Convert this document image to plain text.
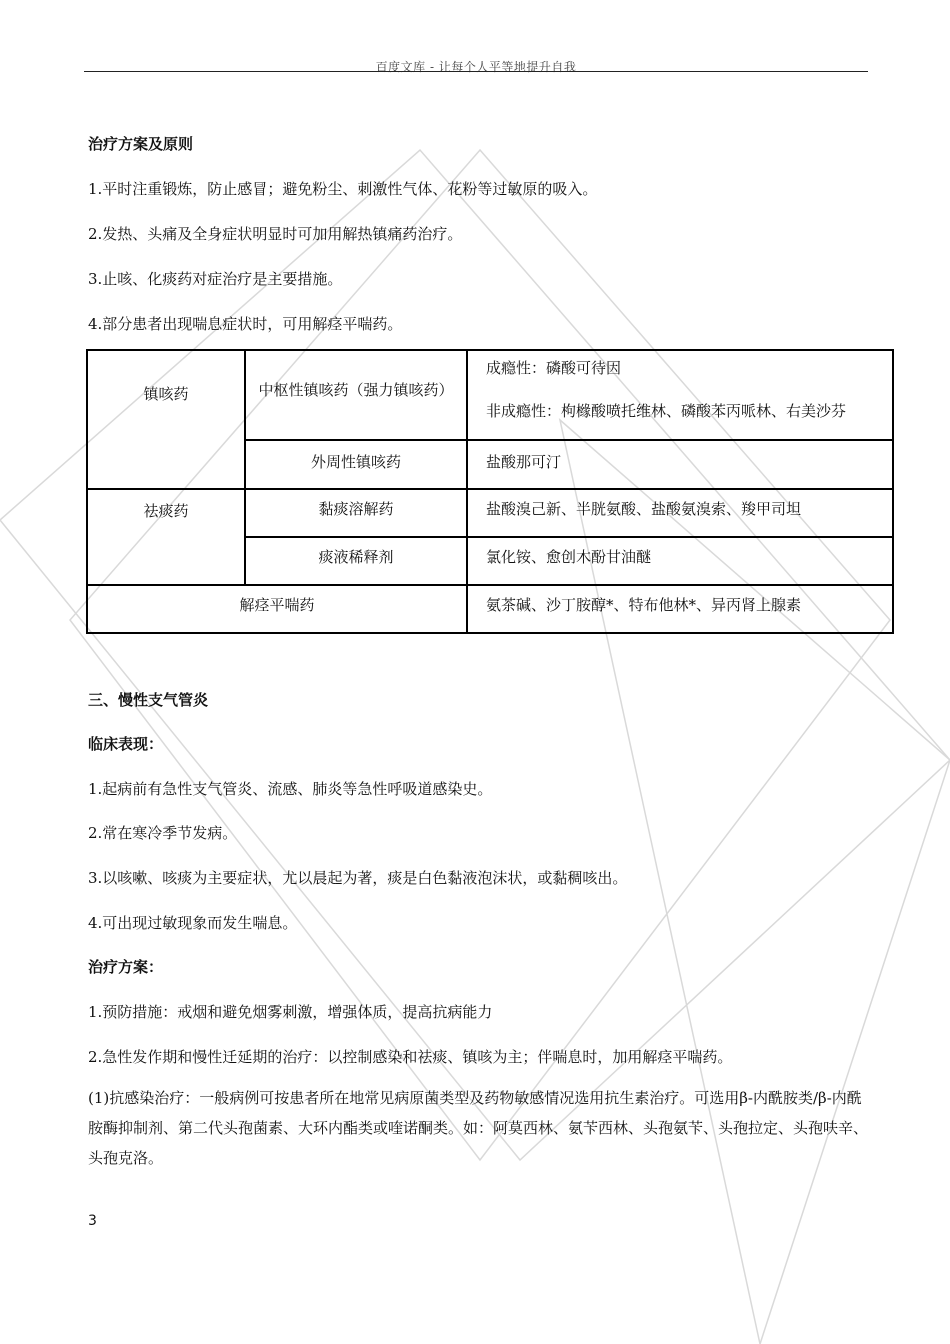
百度文库 - 让每个人平等地提升自我
治疗方案及原则
1.平时注重锻炼，防止感冒；避免粉尘、刺激性气体、花粉等过敏原的吸入。
2.发热、头痛及全身症状明显时可加用解热镇痛药治疗。
3.止咳、化痰药对症治疗是主要措施。
4.部分患者出现喘息症状时，可用解痉平喘药。
镇咳药	中枢性镇咳药（强力镇咳药）	成瘾性：磷酸可待因
非成瘾性：枸橼酸喷托维林、磷酸苯丙哌林、右美沙芬

	外周性镇咳药	盐酸那可汀

祛痰药	黏痰溶解药	盐酸溴己新、半胱氨酸、盐酸氨溴索、羧甲司坦

	痰液稀释剂	氯化铵、愈创木酚甘油醚

解痉平喘药		氨茶碱、沙丁胺醇*、特布他林*、异丙肾上腺素
三、慢性支气管炎
临床表现：
1.起病前有急性支气管炎、流感、肺炎等急性呼吸道感染史。
2.常在寒冷季节发病。
3.以咳嗽、咳痰为主要症状，尤以晨起为著，痰是白色黏液泡沫状，或黏稠咳出。
4.可出现过敏现象而发生喘息。
治疗方案：
1.预防措施：戒烟和避免烟雾刺激，增强体质，提高抗病能力
2.急性发作期和慢性迁延期的治疗：以控制感染和祛痰、镇咳为主；伴喘息时，加用解痉平喘药。
(1)抗感染治疗：一般病例可按患者所在地常见病原菌类型及药物敏感情况选用抗生素治疗。可选用β-内酰胺类/β-内酰胺酶抑制剂、第二代头孢菌素、大环内酯类或喹诺酮类。如：阿莫西林、氨苄西林、头孢氨苄、头孢拉定、头孢呋辛、头孢克洛。
3
